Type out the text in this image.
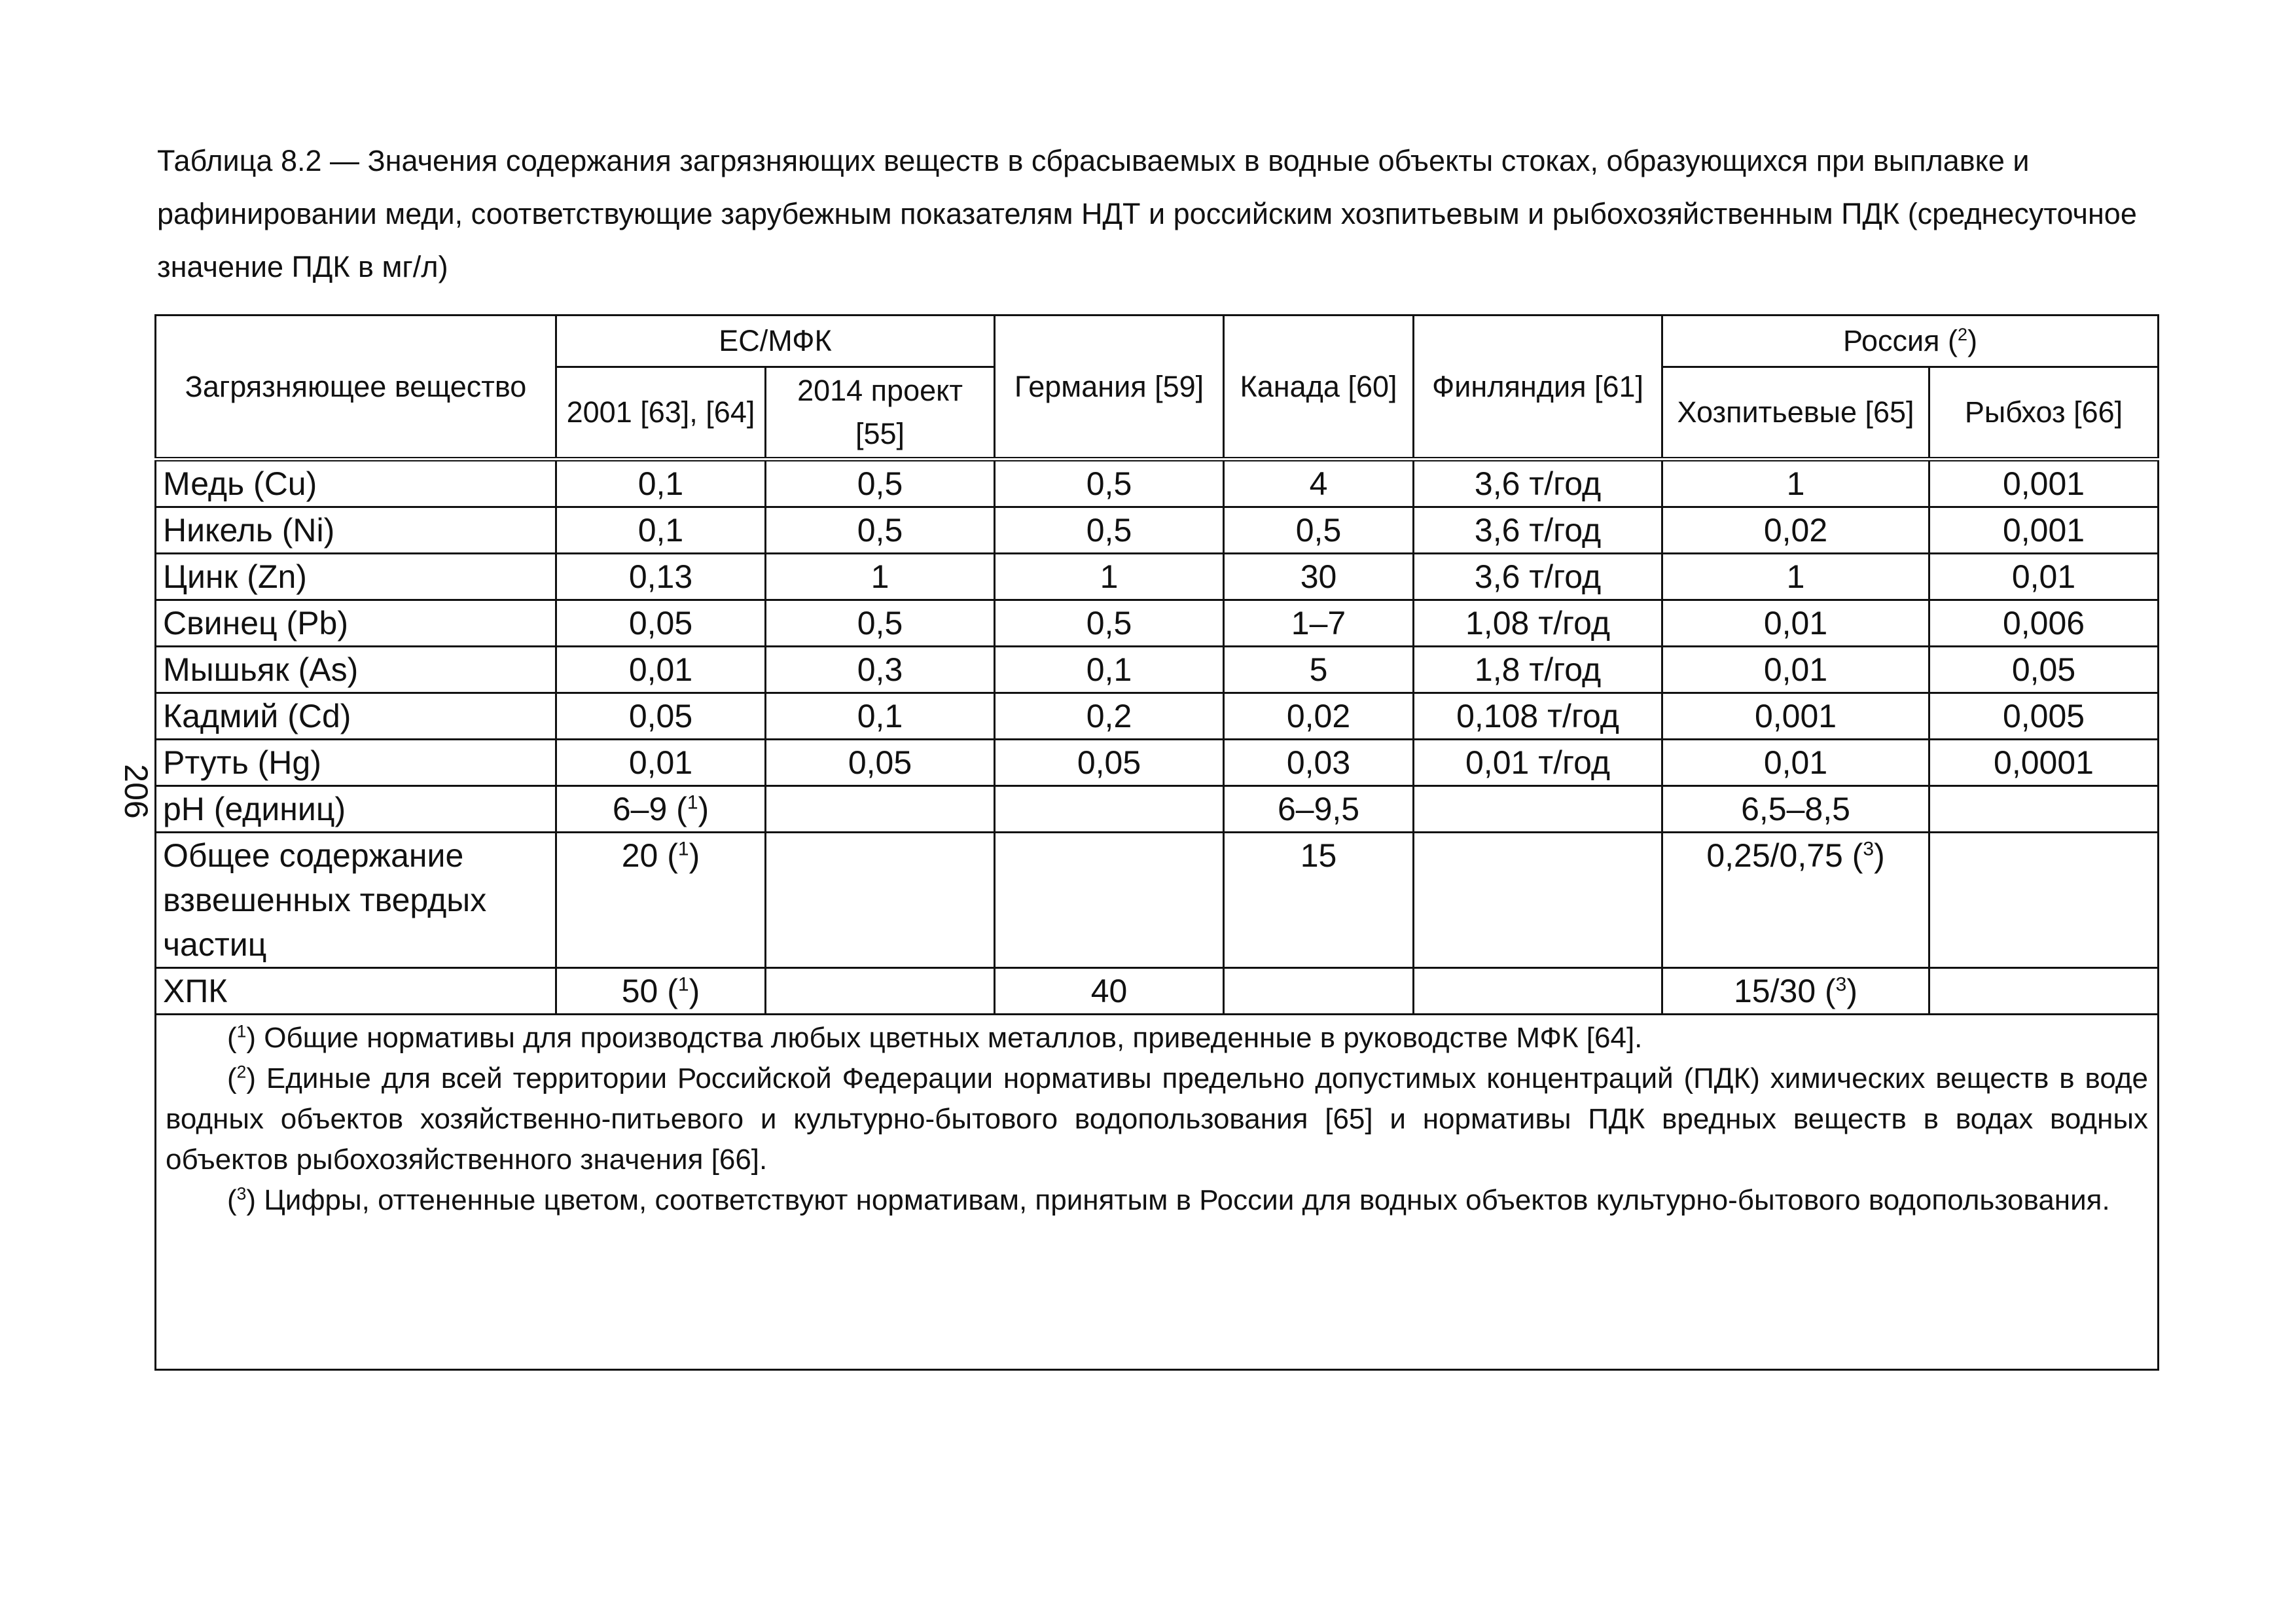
Таблица 8.2 — Значения содержания загрязняющих веществ в сбрасываемых в водные объекты стоках, образующихся при выплавке и рафинировании меди, соответствующие зарубежным показателям НДТ и российским хозпитьевым и рыбохозяйственным ПДК (среднесуточное значение ПДК в мг/л)
206
Загрязняющее вещество	ЕС/МФК		Германия [59]	Канада [60]	Финляндия [61]	Россия ($^2$)	
	2001 [63], [64]	2014 проект [55]				Хозпитьевые [65]	Рыбхоз [66]
Медь (Cu)	0,1	0,5	0,5	4	3,6 т/год	1	0,001
Никель (Ni)	0,1	0,5	0,5	0,5	3,6 т/год	0,02	0,001
Цинк (Zn)	0,13	1	1	30	3,6 т/год	1	0,01
Свинец (Pb)	0,05	0,5	0,5	1–7	1,08 т/год	0,01	0,006
Мышьяк (As)	0,01	0,3	0,1	5	1,8 т/год	0,01	0,05
Кадмий (Cd)	0,05	0,1	0,2	0,02	0,108 т/год	0,001	0,005
Ртуть (Hg)	0,01	0,05	0,05	0,03	0,01 т/год	0,01	0,0001
pH (единиц)	6–9 ($^1$)			6–9,5		6,5–8,5	
Общее содержание взвешенных твердых частиц	20 ($^1$)			15		0,25/0,75 ($^3$)	
ХПК	50 ($^1$)		40			15/30 ($^3$)	

($^1$) Общие нормативы для производства любых цветных металлов, приведенные в руководстве МФК [64].

($^2$) Единые для всей территории Российской Федерации нормативы предельно допустимых концентраций (ПДК) химических веществ в воде водных объектов хозяйственно-питьевого и культурно-бытового водопользования [65] и нормативы ПДК вредных веществ в водах водных объектов рыбохозяйственного значения [66].

($^3$) Цифры, оттененные цветом, соответствуют нормативам, принятым в России для водных объектов культурно-бытового водопользования.							
